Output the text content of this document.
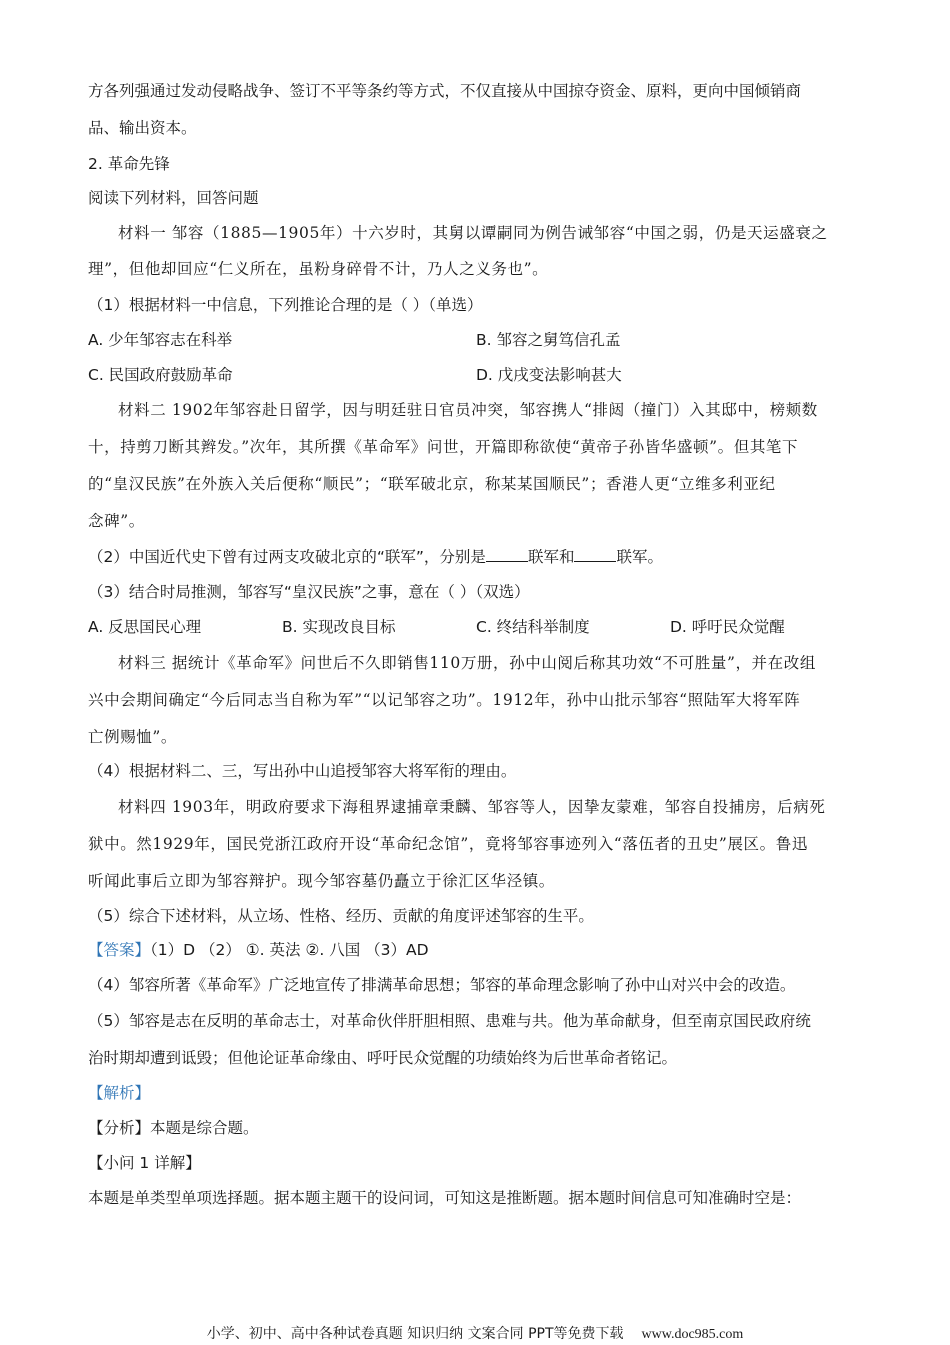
方各列强通过发动侵略战争、签订不平等条约等方式，不仅直接从中国掠夺资金、原料，更向中国倾销商
品、输出资本。
2. 革命先锋
阅读下列材料，回答问题
材料一 邹容（1885—1905年）十六岁时，其舅以谭嗣同为例告诫邹容“中国之弱，仍是天运盛衰之
理”，但他却回应“仁义所在，虽粉身碎骨不计，乃人之义务也”。
（1）根据材料一中信息，下列推论合理的是（ ）（单选）
A. 少年邹容志在科举	B. 邹容之舅笃信孔孟
C. 民国政府鼓励革命	D. 戊戌变法影响甚大
材料二 1902年邹容赴日留学，因与明廷驻日官员冲突，邹容携人“排闼（撞门）入其邸中，榜颊数
十，持剪刀断其辫发。”次年，其所撰《革命军》问世，开篇即称欲使“黄帝子孙皆华盛顿”。但其笔下
的“皇汉民族”在外族入关后便称“顺民”；“联军破北京，称某某国顺民”；香港人更“立维多利亚纪
念碑”。
（2）中国近代史下曾有过两支攻破北京的“联军”，分别是	联军和	联军。
（3）结合时局推测，邹容写“皇汉民族”之事，意在（ ）（双选）
A. 反思国民心理	B. 实现改良目标	C. 终结科举制度	D. 呼吁民众觉醒
材料三 据统计《革命军》问世后不久即销售110万册，孙中山阅后称其功效“不可胜量”，并在改组
兴中会期间确定“今后同志当自称为军”“以记邹容之功”。1912年，孙中山批示邹容“照陆军大将军阵
亡例赐恤”。
（4）根据材料二、三，写出孙中山追授邹容大将军衔的理由。
材料四 1903年，明政府要求下海租界逮捕章秉麟、邹容等人，因挚友蒙难，邹容自投捕房，后病死
狱中。然1929年，国民党浙江政府开设“革命纪念馆”，竟将邹容事迹列入“落伍者的丑史”展区。鲁迅
听闻此事后立即为邹容辩护。现今邹容墓仍矗立于徐汇区华泾镇。
（5）综合下述材料，从立场、性格、经历、贡献的角度评述邹容的生平。
【答案】（1）D （2） ①. 英法 ②. 八国 （3）AD
（4）邹容所著《革命军》广泛地宣传了排满革命思想；邹容的革命理念影响了孙中山对兴中会的改造。
（5）邹容是志在反明的革命志士，对革命伙伴肝胆相照、患难与共。他为革命献身，但至南京国民政府统
治时期却遭到诋毁；但他论证革命缘由、呼吁民众觉醒的功绩始终为后世革命者铭记。
【解析】
【分析】本题是综合题。
【小问 1 详解】
本题是单类型单项选择题。据本题主题干的设问词，可知这是推断题。据本题时间信息可知准确时空是：
小学、初中、高中各种试卷真题 知识归纳 文案合同 PPT等免费下载 www.doc985.com
